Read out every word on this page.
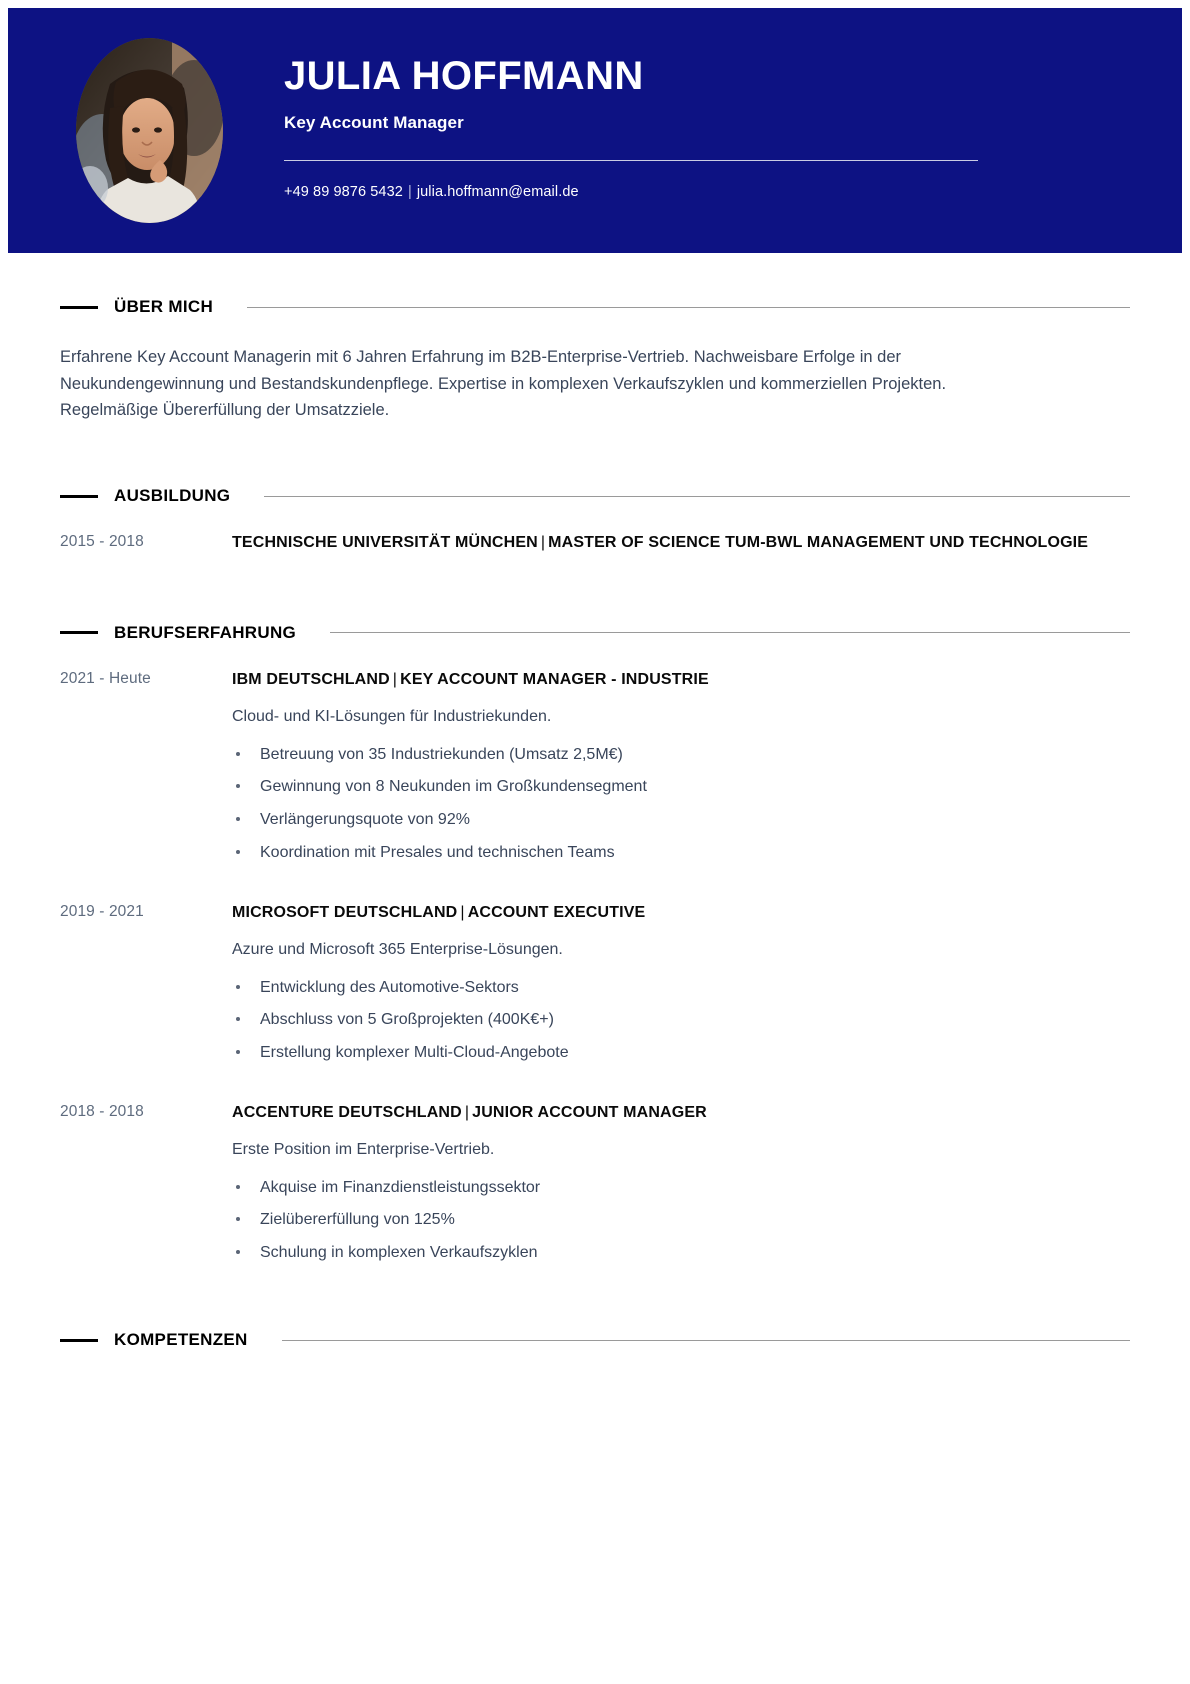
JULIA HOFFMANN
Key Account Manager
+49 89 9876 5432 | julia.hoffmann@email.de
ÜBER MICH

Erfahrene Key Account Managerin mit 6 Jahren Erfahrung im B2B-Enterprise-Vertrieb. Nachweisbare Erfolge in der Neukundengewinnung und Bestandskundenpflege. Expertise in komplexen Verkaufszyklen und kommerziellen Projekten. Regelmäßige Übererfüllung der Umsatzziele.

AUSBILDUNG
2015 - 2018	TECHNISCHE UNIVERSITÄT MÜNCHEN | MASTER OF SCIENCE TUM-BWL MANAGEMENT UND TECHNOLOGIE
BERUFSERFAHRUNG
2021 - Heute	IBM DEUTSCHLAND | KEY ACCOUNT MANAGER - INDUSTRIE
Cloud- und KI-Lösungen für Industriekunden.
Betreuung von 35 Industriekunden (Umsatz 2,5M€)
Gewinnung von 8 Neukunden im Großkundensegment
Verlängerungsquote von 92%
Koordination mit Presales und technischen Teams
2019 - 2021	MICROSOFT DEUTSCHLAND | ACCOUNT EXECUTIVE
Azure und Microsoft 365 Enterprise-Lösungen.
Entwicklung des Automotive-Sektors
Abschluss von 5 Großprojekten (400K€+)
Erstellung komplexer Multi-Cloud-Angebote
2018 - 2018	ACCENTURE DEUTSCHLAND | JUNIOR ACCOUNT MANAGER
Erste Position im Enterprise-Vertrieb.
Akquise im Finanzdienstleistungssektor
Zielübererfüllung von 125%
Schulung in komplexen Verkaufszyklen
KOMPETENZEN
